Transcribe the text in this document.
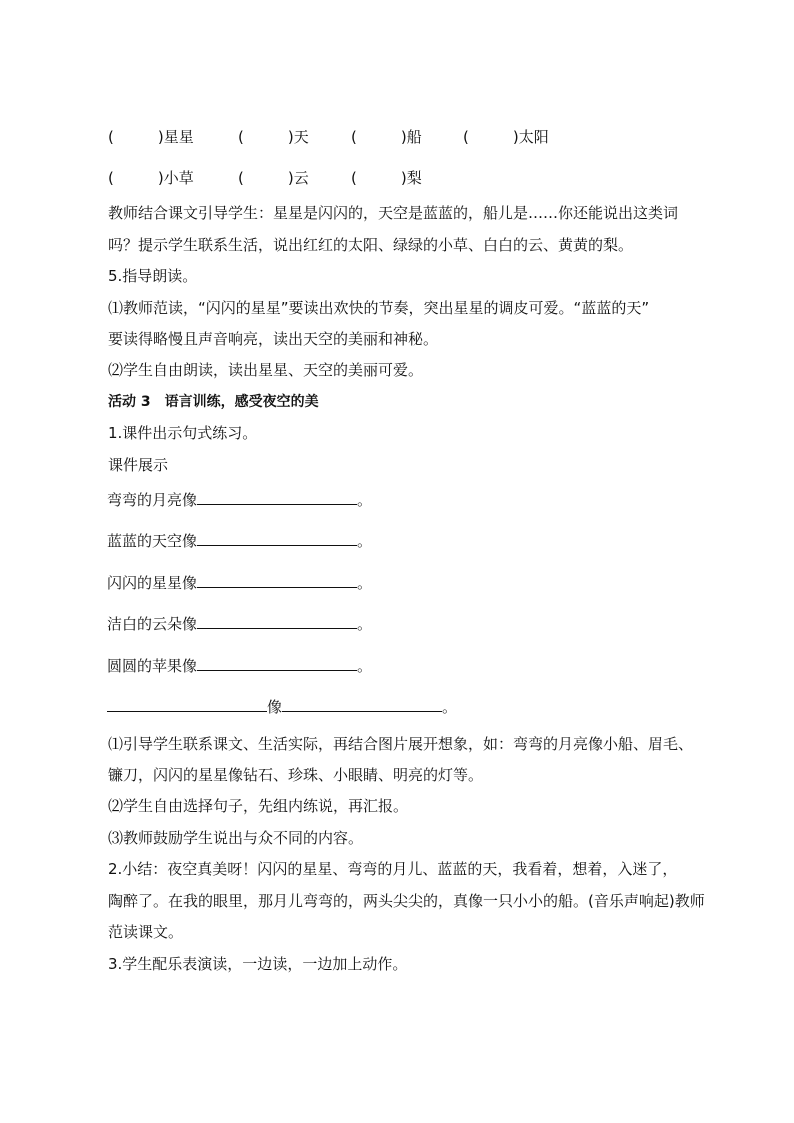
(	)星星	(	)天	(	)船	(	)太阳
(	)小草	(	)云	(	)梨
教师结合课文引导学生：星星是闪闪的，天空是蓝蓝的，船儿是……你还能说出这类词
吗？提示学生联系生活，说出红红的太阳、绿绿的小草、白白的云、黄黄的梨。
5.指导朗读。
⑴教师范读，“闪闪的星星”要读出欢快的节奏，突出星星的调皮可爱。“蓝蓝的天”
要读得略慢且声音响亮，读出天空的美丽和神秘。
⑵学生自由朗读，读出星星、天空的美丽可爱。
活动 3　语言训练，感受夜空的美
1.课件出示句式练习。
课件展示
弯弯的月亮像	。
蓝蓝的天空像	。
闪闪的星星像	。
洁白的云朵像	。
圆圆的苹果像	。
像	。
⑴引导学生联系课文、生活实际，再结合图片展开想象，如：弯弯的月亮像小船、眉毛、
镰刀，闪闪的星星像钻石、珍珠、小眼睛、明亮的灯等。
⑵学生自由选择句子，先组内练说，再汇报。
⑶教师鼓励学生说出与众不同的内容。
2.小结：夜空真美呀！闪闪的星星、弯弯的月儿、蓝蓝的天，我看着，想着，入迷了，
陶醉了。在我的眼里，那月儿弯弯的，两头尖尖的，真像一只小小的船。(音乐声响起)教师
范读课文。
3.学生配乐表演读，一边读，一边加上动作。
